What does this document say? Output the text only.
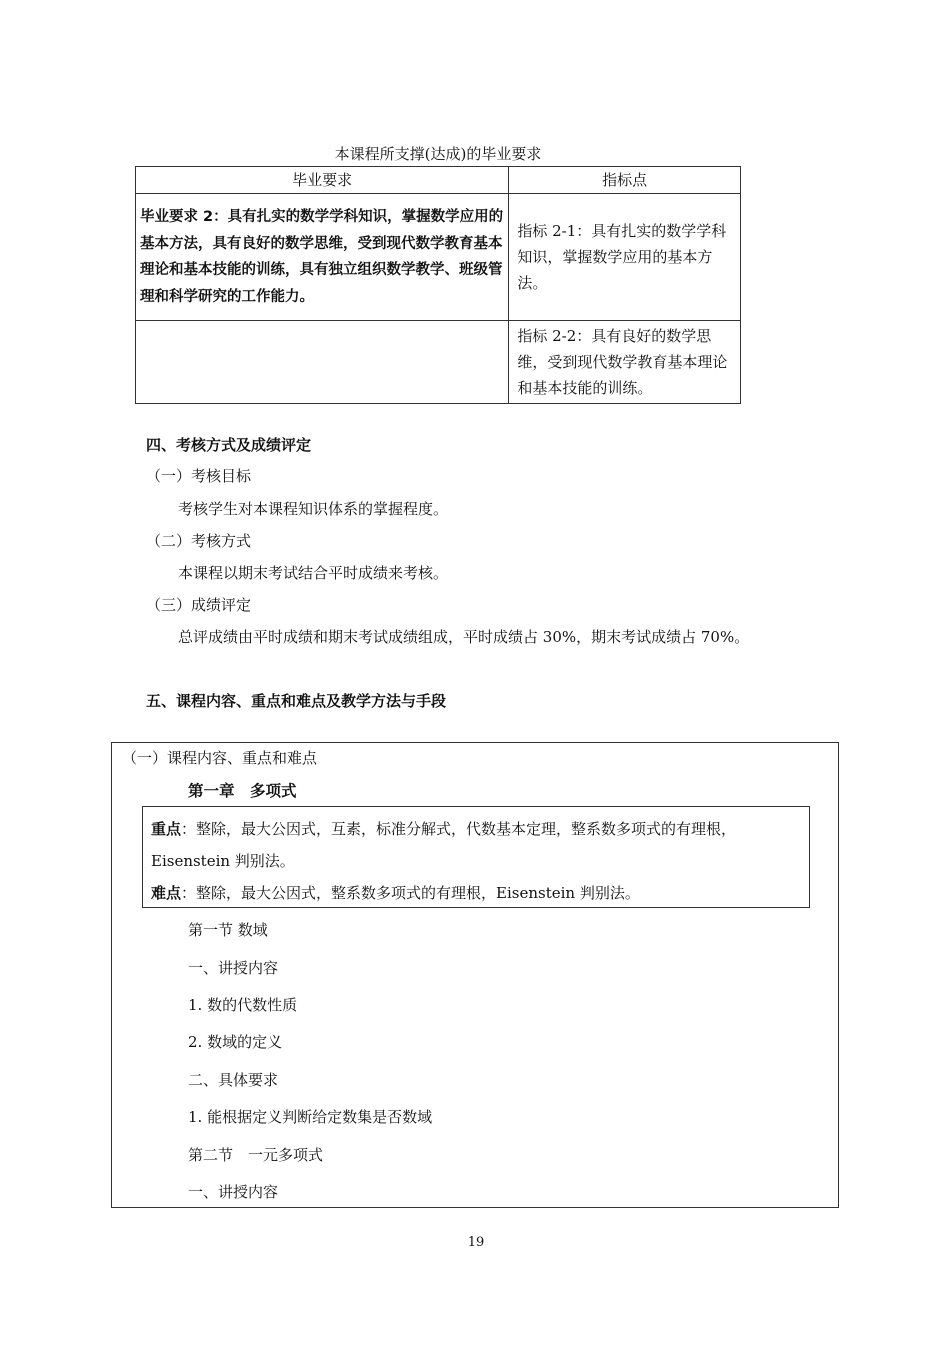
本课程所支撑(达成)的毕业要求
毕业要求	指标点
毕业要求 2：具有扎实的数学学科知识，掌握数学应用的基本方法，具有良好的数学思维，受到现代数学教育基本理论和基本技能的训练，具有独立组织数学教学、班级管理和科学研究的工作能力。	指标 2-1：具有扎实的数学学科知识，掌握数学应用的基本方法。
	指标 2-2：具有良好的数学思维，受到现代数学教育基本理论和基本技能的训练。
四、考核方式及成绩评定
（一）考核目标
考核学生对本课程知识体系的掌握程度。
（二）考核方式
本课程以期末考试结合平时成绩来考核。
（三）成绩评定
总评成绩由平时成绩和期末考试成绩组成，平时成绩占 30%，期末考试成绩占 70%。
五、课程内容、重点和难点及教学方法与手段
（一）课程内容、重点和难点
第一章　多项式
重点：整除，最大公因式，互素，标准分解式，代数基本定理，整系数多项式的有理根，
Eisenstein 判别法。
难点：整除，最大公因式，整系数多项式的有理根，Eisenstein 判别法。
第一节 数域
一、讲授内容
1. 数的代数性质
2. 数域的定义
二、具体要求
1. 能根据定义判断给定数集是否数域
第二节　一元多项式
一、讲授内容
19
